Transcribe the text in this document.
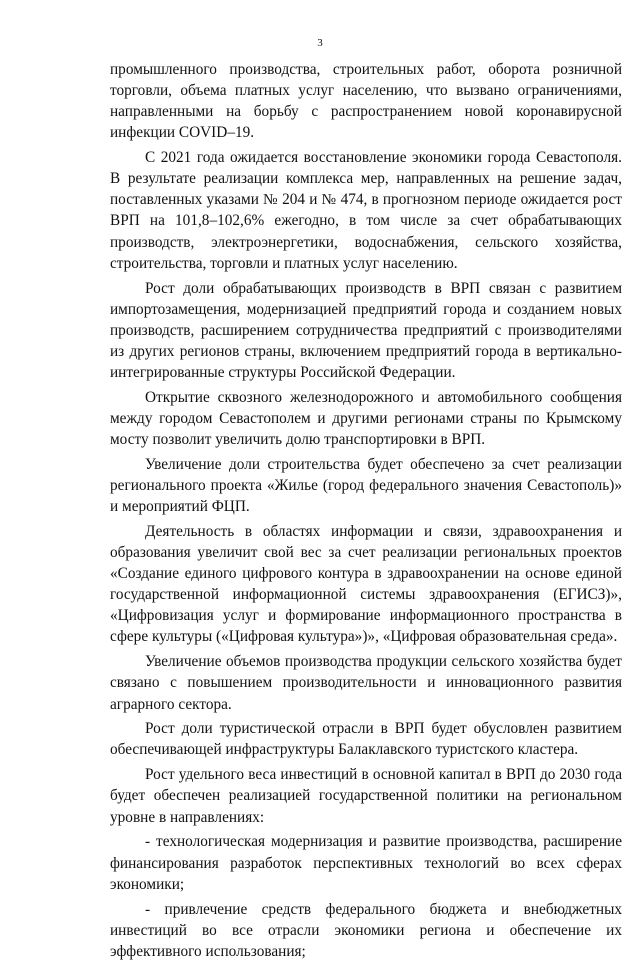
3

промышленного производства, строительных работ, оборота розничной торговли, объема платных услуг населению, что вызвано ограничениями, направленными на борьбу с распространением новой коронавирусной инфекции COVID–19.

С 2021 года ожидается восстановление экономики города Севастополя. В результате реализации комплекса мер, направленных на решение задач, поставленных указами № 204 и № 474, в прогнозном периоде ожидается рост ВРП на 101,8–102,6% ежегодно, в том числе за счет обрабатывающих производств, электроэнергетики, водоснабжения, сельского хозяйства, строительства, торговли и платных услуг населению.

Рост доли обрабатывающих производств в ВРП связан с развитием импортозамещения, модернизацией предприятий города и созданием новых производств, расширением сотрудничества предприятий с производителями из других регионов страны, включением предприятий города в вертикально-интегрированные структуры Российской Федерации.

Открытие сквозного железнодорожного и автомобильного сообщения между городом Севастополем и другими регионами страны по Крымскому мосту позволит увеличить долю транспортировки в ВРП.

Увеличение доли строительства будет обеспечено за счет реализации регионального проекта «Жилье (город федерального значения Севастополь)» и мероприятий ФЦП.

Деятельность в областях информации и связи, здравоохранения и образования увеличит свой вес за счет реализации региональных проектов «Создание единого цифрового контура в здравоохранении на основе единой государственной информационной системы здравоохранения (ЕГИСЗ)», «Цифровизация услуг и формирование информационного пространства в сфере культуры («Цифровая культура»)», «Цифровая образовательная среда».

Увеличение объемов производства продукции сельского хозяйства будет связано с повышением производительности и инновационного развития аграрного сектора.

Рост доли туристической отрасли в ВРП будет обусловлен развитием обеспечивающей инфраструктуры Балаклавского туристского кластера.

Рост удельного веса инвестиций в основной капитал в ВРП до 2030 года будет обеспечен реализацией государственной политики на региональном уровне в направлениях:

- технологическая модернизация и развитие производства, расширение финансирования разработок перспективных технологий во всех сферах экономики;

- привлечение средств федерального бюджета и внебюджетных инвестиций во все отрасли экономики региона и обеспечение их эффективного использования;
